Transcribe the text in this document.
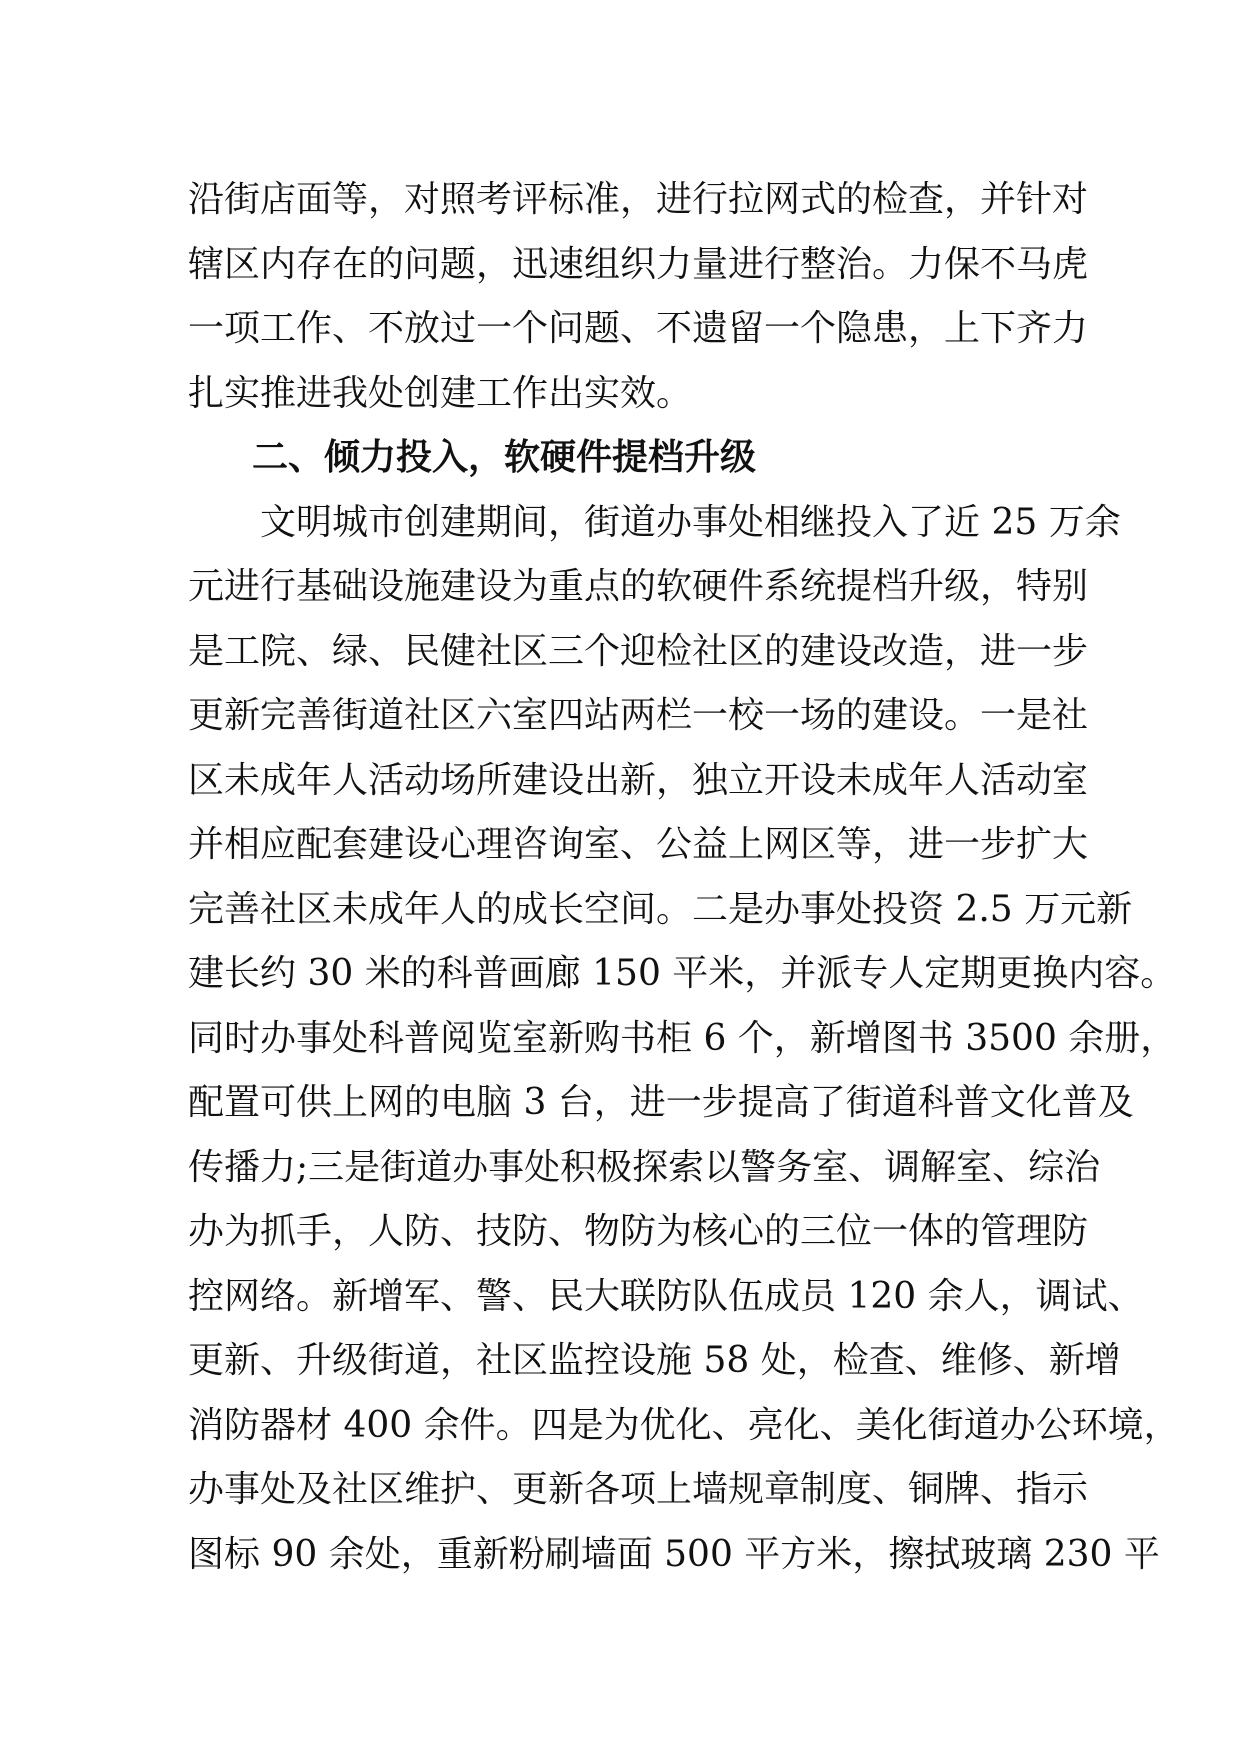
沿街店面等，对照考评标准，进行拉网式的检查，并针对
辖区内存在的问题，迅速组织力量进行整治。力保不马虎
一项工作、不放过一个问题、不遗留一个隐患，上下齐力
扎实推进我处创建工作出实效。
二、倾力投入，软硬件提档升级
文明城市创建期间，街道办事处相继投入了近 25 万余
元进行基础设施建设为重点的软硬件系统提档升级，特别
是工院、绿、民健社区三个迎检社区的建设改造，进一步
更新完善街道社区六室四站两栏一校一场的建设。一是社
区未成年人活动场所建设出新，独立开设未成年人活动室
并相应配套建设心理咨询室、公益上网区等，进一步扩大
完善社区未成年人的成长空间。二是办事处投资 2.5 万元新
建长约 30 米的科普画廊 150 平米，并派专人定期更换内容。
同时办事处科普阅览室新购书柜 6 个，新增图书 3500 余册，
配置可供上网的电脑 3 台，进一步提高了街道科普文化普及
传播力;三是街道办事处积极探索以警务室、调解室、综治
办为抓手，人防、技防、物防为核心的三位一体的管理防
控网络。新增军、警、民大联防队伍成员 120 余人，调试、
更新、升级街道，社区监控设施 58 处，检查、维修、新增
消防器材 400 余件。四是为优化、亮化、美化街道办公环境，
办事处及社区维护、更新各项上墙规章制度、铜牌、指示
图标 90 余处，重新粉刷墙面 500 平方米，擦拭玻璃 230 平
